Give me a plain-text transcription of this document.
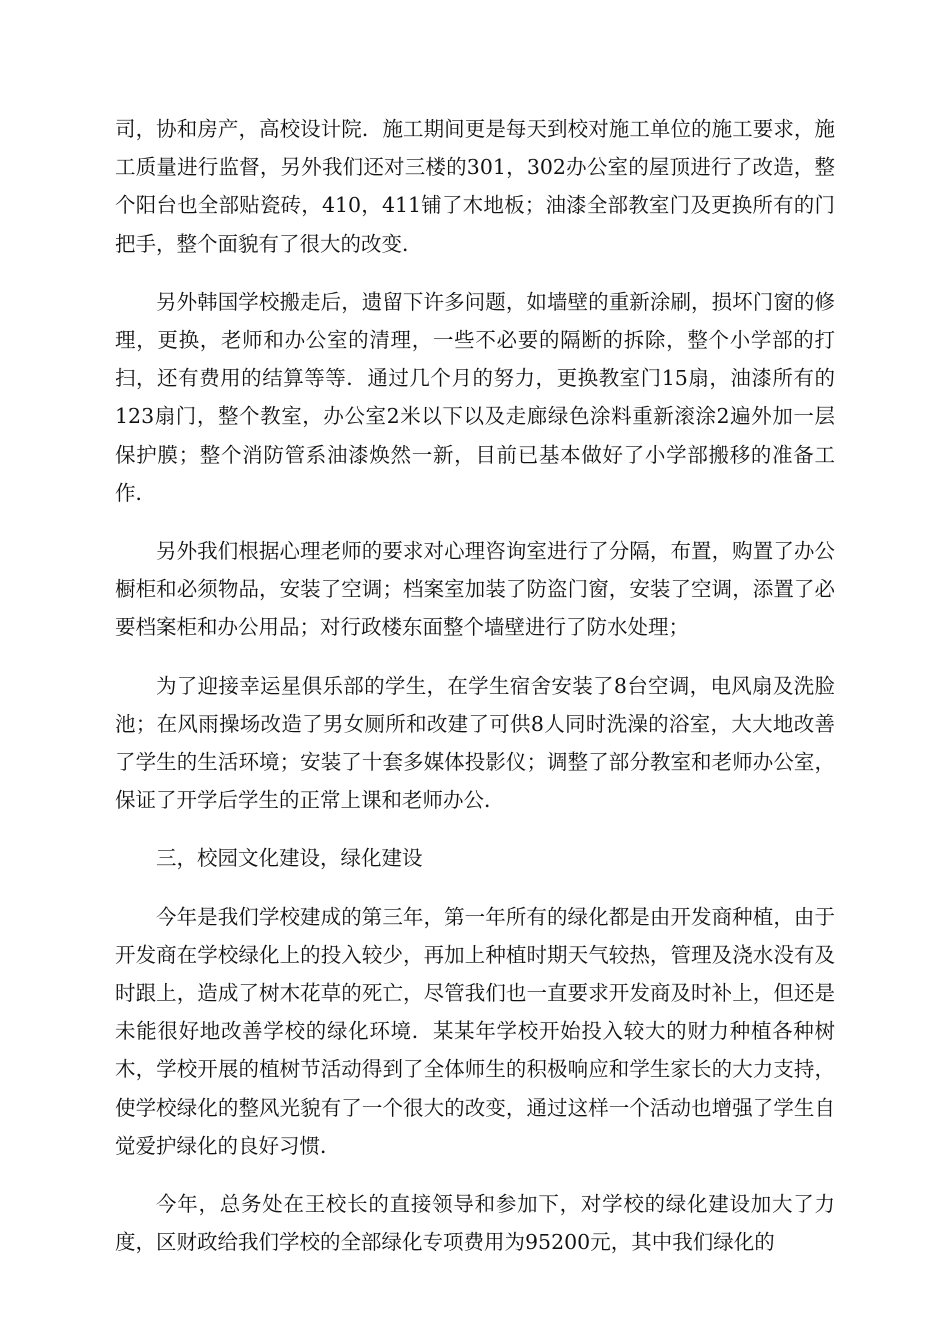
司，协和房产，高校设计院．施工期间更是每天到校对施工单位的施工要求，施工质量进行监督，另外我们还对三楼的301，302办公室的屋顶进行了改造，整个阳台也全部贴瓷砖，410，411铺了木地板；油漆全部教室门及更换所有的门把手，整个面貌有了很大的改变．

另外韩国学校搬走后，遗留下许多问题，如墙壁的重新涂刷，损坏门窗的修理，更换，老师和办公室的清理，一些不必要的隔断的拆除，整个小学部的打扫，还有费用的结算等等．通过几个月的努力，更换教室门15扇，油漆所有的123扇门，整个教室，办公室2米以下以及走廊绿色涂料重新滚涂2遍外加一层保护膜；整个消防管系油漆焕然一新，目前已基本做好了小学部搬移的准备工作．

另外我们根据心理老师的要求对心理咨询室进行了分隔，布置，购置了办公橱柜和必须物品，安装了空调；档案室加装了防盗门窗，安装了空调，添置了必要档案柜和办公用品；对行政楼东面整个墙壁进行了防水处理；

为了迎接幸运星俱乐部的学生，在学生宿舍安装了8台空调，电风扇及洗脸池；在风雨操场改造了男女厕所和改建了可供8人同时洗澡的浴室，大大地改善了学生的生活环境；安装了十套多媒体投影仪；调整了部分教室和老师办公室，保证了开学后学生的正常上课和老师办公．

三，校园文化建设，绿化建设

今年是我们学校建成的第三年，第一年所有的绿化都是由开发商种植，由于开发商在学校绿化上的投入较少，再加上种植时期天气较热，管理及浇水没有及时跟上，造成了树木花草的死亡，尽管我们也一直要求开发商及时补上，但还是未能很好地改善学校的绿化环境．某某年学校开始投入较大的财力种植各种树木，学校开展的植树节活动得到了全体师生的积极响应和学生家长的大力支持，使学校绿化的整风光貌有了一个很大的改变，通过这样一个活动也增强了学生自觉爱护绿化的良好习惯．

今年，总务处在王校长的直接领导和参加下，对学校的绿化建设加大了力度，区财政给我们学校的全部绿化专项费用为95200元，其中我们绿化的
